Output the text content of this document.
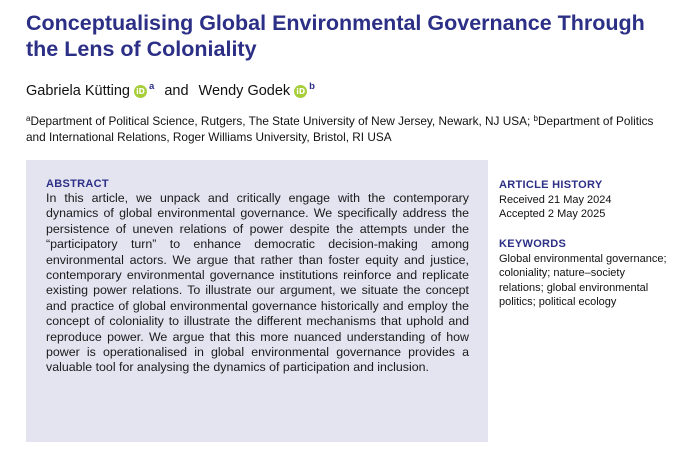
Conceptualising Global Environmental Governance Through the Lens of Coloniality
Gabriela Kütting iD $^a$ and Wendy Godek iD $^b$
$^a$Department of Political Science, Rutgers, The State University of New Jersey, Newark, NJ USA; $^b$Department of Politics and International Relations, Roger Williams University, Bristol, RI USA
ABSTRACT
In this article, we unpack and critically engage with the contemporary dynamics of global environmental governance. We specifically address the persistence of uneven relations of power despite the attempts under the “participatory turn” to enhance democratic decision-making among environmental actors. We argue that rather than foster equity and justice, contemporary environmental governance institutions reinforce and replicate existing power relations. To illustrate our argument, we situate the concept and practice of global environmental governance historically and employ the concept of coloniality to illustrate the different mechanisms that uphold and reproduce power. We argue that this more nuanced understanding of how power is operationalised in global environmental governance provides a valuable tool for analysing the dynamics of participation and inclusion.
ARTICLE HISTORY
Received 21 May 2024
Accepted 2 May 2025
KEYWORDS
Global environmental governance; coloniality; nature–society relations; global environmental politics; political ecology
